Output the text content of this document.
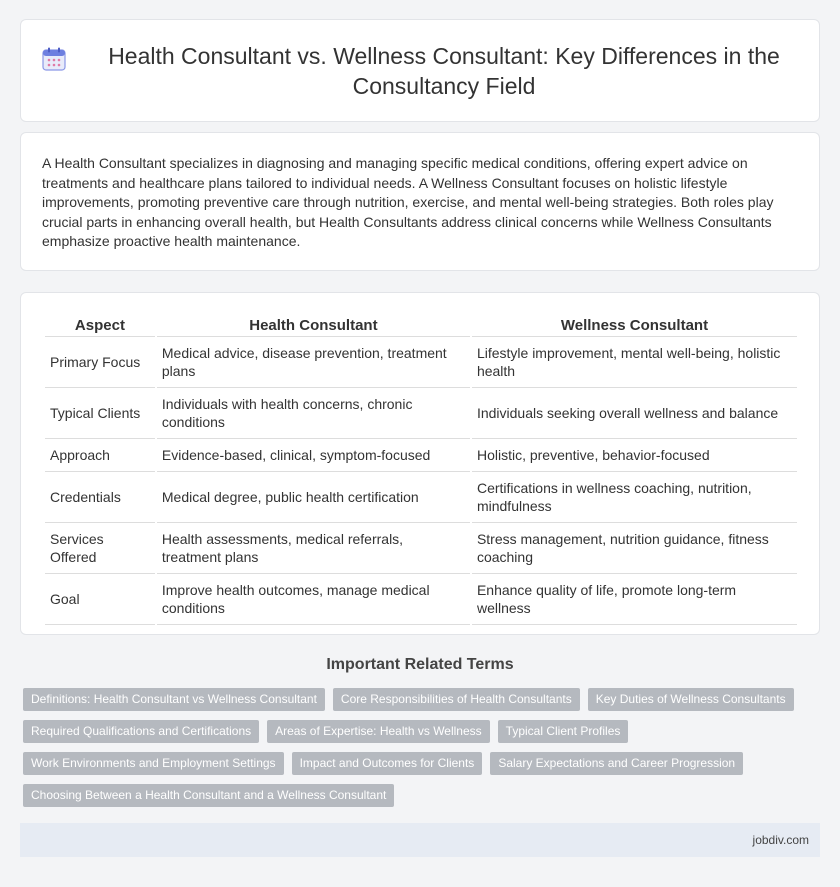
Health Consultant vs. Wellness Consultant: Key Differences in the Consultancy Field

A Health Consultant specializes in diagnosing and managing specific medical conditions, offering expert advice on treatments and healthcare plans tailored to individual needs. A Wellness Consultant focuses on holistic lifestyle improvements, promoting preventive care through nutrition, exercise, and mental well-being strategies. Both roles play crucial parts in enhancing overall health, but Health Consultants address clinical concerns while Wellness Consultants emphasize proactive health maintenance.

Aspect	Health Consultant	Wellness Consultant
Primary Focus	Medical advice, disease prevention, treatment plans	Lifestyle improvement, mental well-being, holistic health
Typical Clients	Individuals with health concerns, chronic conditions	Individuals seeking overall wellness and balance
Approach	Evidence-based, clinical, symptom-focused	Holistic, preventive, behavior-focused
Credentials	Medical degree, public health certification	Certifications in wellness coaching, nutrition, mindfulness
Services Offered	Health assessments, medical referrals, treatment plans	Stress management, nutrition guidance, fitness coaching
Goal	Improve health outcomes, manage medical conditions	Enhance quality of life, promote long-term wellness
Important Related Terms
Definitions: Health Consultant vs Wellness Consultant	Core Responsibilities of Health Consultants	Key Duties of Wellness Consultants
Required Qualifications and Certifications	Areas of Expertise: Health vs Wellness	Typical Client Profiles
Work Environments and Employment Settings	Impact and Outcomes for Clients	Salary Expectations and Career Progression
Choosing Between a Health Consultant and a Wellness Consultant
jobdiv.com
